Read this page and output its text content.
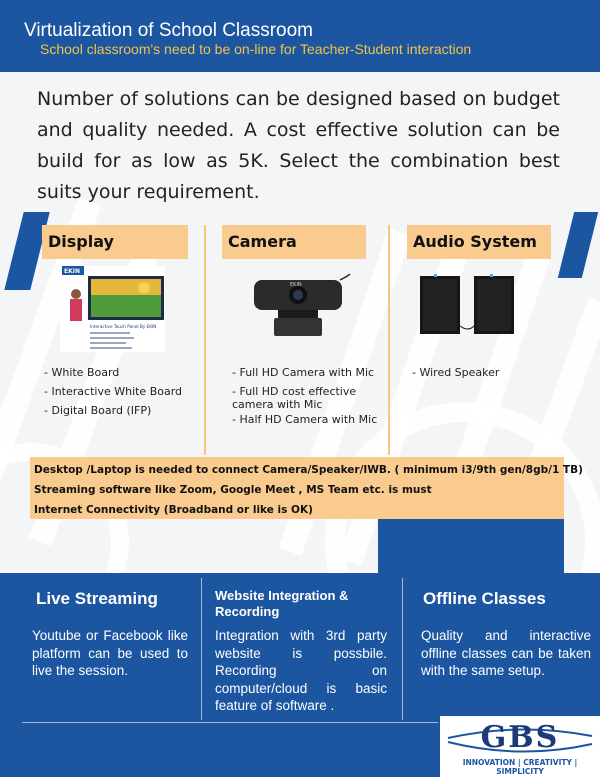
Virtualization of School Classroom
School classroom's need to be on-line for Teacher-Student interaction
Number of solutions can be designed based on budget and quality needed. A cost effective solution can be build for as low as 5K. Select the combination best suits your requirement.
Display	Camera	Audio System
EKIN
Interactive Touch Panel By EKIN
EKIN
- White Board
- Interactive White Board
- Digital Board (IFP)
- Full HD Camera with Mic
- Full HD cost effective camera with Mic
- Half HD Camera with Mic
- Wired Speaker
Desktop /Laptop is needed to connect Camera/Speaker/IWB. ( minimum i3/9th gen/8gb/1 TB)
Streaming software like Zoom, Google Meet , MS Team etc. is must
Internet Connectivity (Broadband or like is OK)
Live Streaming
Youtube or Facebook like platform can be used to live the session.
Website Integration & Recording
Integration with 3rd party website is possbile. Recording on computer/cloud is basic feature of software .
Offline Classes
Quality and interactive offline classes can be taken with the same setup.
GBS
INNOVATION | CREATIVITY | SIMPLICITY
